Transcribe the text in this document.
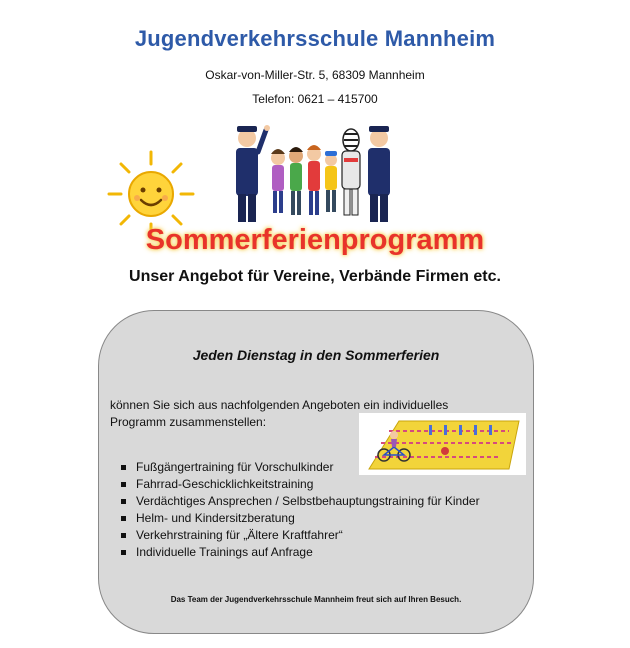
Jugendverkehrsschule Mannheim
Oskar-von-Miller-Str. 5, 68309 Mannheim
Telefon: 0621 – 415700
Sommerferienprogramm
Unser Angebot für Vereine, Verbände Firmen etc.
Jeden Dienstag in den Sommerferien
können Sie sich aus nachfolgenden Angeboten ein individuelles Programm zusammenstellen:
Fußgängertraining für Vorschulkinder
Fahrrad-Geschicklichkeitstraining
Verdächtiges Ansprechen / Selbstbehauptungstraining für Kinder
Helm- und Kindersitzberatung
Verkehrstraining für „Ältere Kraftfahrer“
Individuelle Trainings auf Anfrage
Das Team der Jugendverkehrsschule Mannheim freut sich auf Ihren Besuch.
